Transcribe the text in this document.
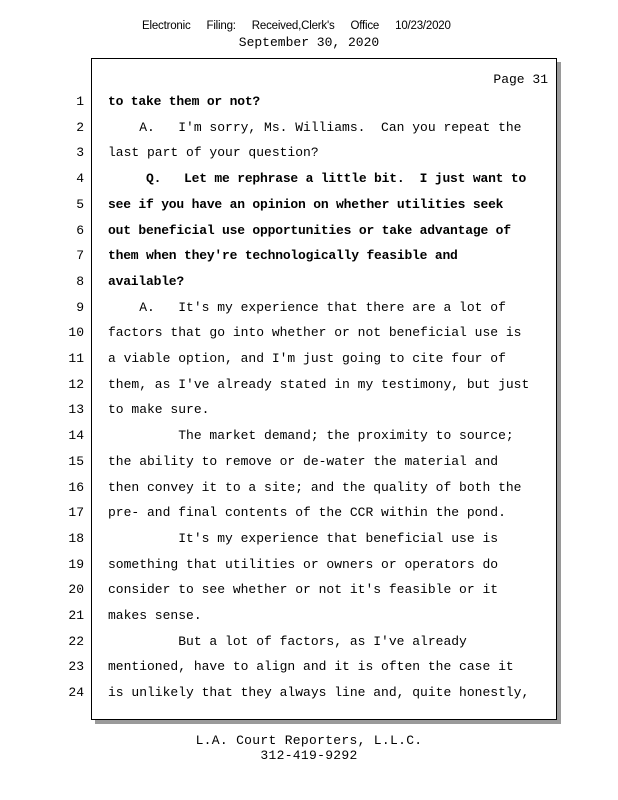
Electronic Filing: Received,Clerk's Office 10/23/2020
September 30, 2020
Page 31
1 to take them or not?
2 A.   I'm sorry, Ms. Williams.  Can you repeat the
3 last part of your question?
4 Q.   Let me rephrase a little bit.  I just want to
5 see if you have an opinion on whether utilities seek
6 out beneficial use opportunities or take advantage of
7 them when they're technologically feasible and
8 available?
9 A.   It's my experience that there are a lot of
10 factors that go into whether or not beneficial use is
11 a viable option, and I'm just going to cite four of
12 them, as I've already stated in my testimony, but just
13 to make sure.
14 The market demand; the proximity to source;
15 the ability to remove or de-water the material and
16 then convey it to a site; and the quality of both the
17 pre- and final contents of the CCR within the pond.
18 It's my experience that beneficial use is
19 something that utilities or owners or operators do
20 consider to see whether or not it's feasible or it
21 makes sense.
22 But a lot of factors, as I've already
23 mentioned, have to align and it is often the case it
24 is unlikely that they always line and, quite honestly,
L.A. Court Reporters, L.L.C.
312-419-9292
